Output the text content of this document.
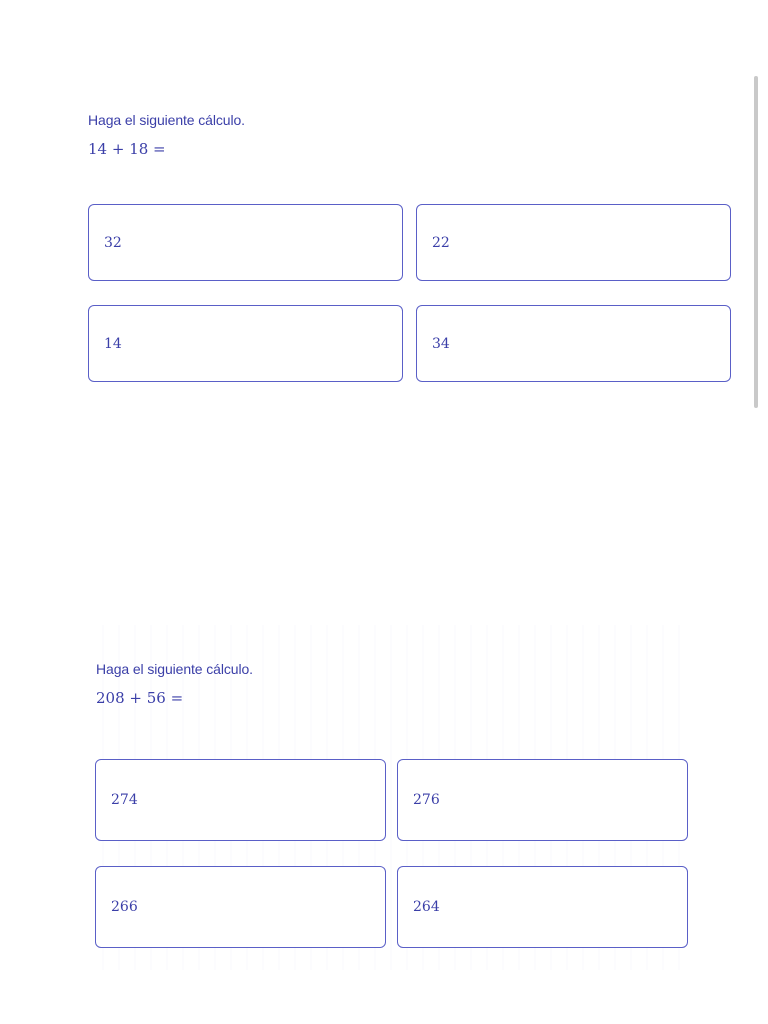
Haga el siguiente cálculo.
14 + 18 =
32	22
14	34
Haga el siguiente cálculo.
208 + 56 =
274	276
266	264
